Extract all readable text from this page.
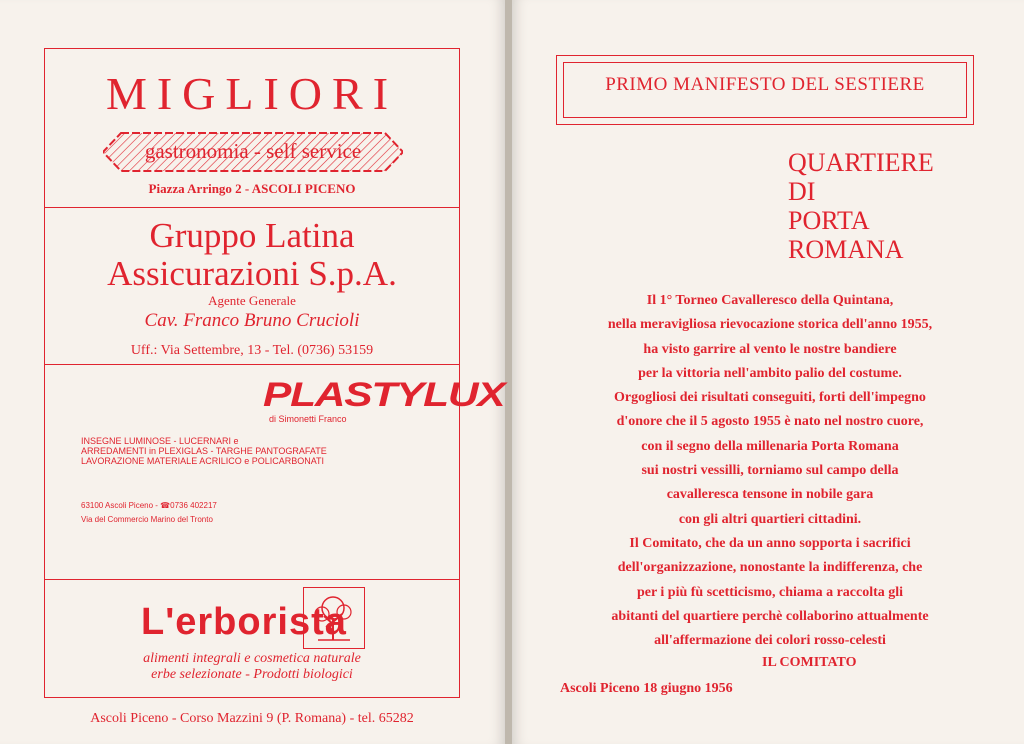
MIGLIORI
gastronomia - self service
Piazza Arringo 2 - ASCOLI PICENO
Gruppo Latina
Assicurazioni S.p.A.
Agente Generale
Cav. Franco Bruno Crucioli
Uff.: Via Settembre, 13 - Tel. (0736) 53159
PLASTYLUX
di Simonetti Franco
INSEGNE LUMINOSE - LUCERNARI e
ARREDAMENTI in PLEXIGLAS - TARGHE PANTOGRAFATE
LAVORAZIONE MATERIALE ACRILICO e POLICARBONATI
63100 Ascoli Piceno - ☎0736 402217
Via del Commercio Marino del Tronto
L'erborista
alimenti integrali e cosmetica naturale
erbe selezionate - Prodotti biologici
Ascoli Piceno - Corso Mazzini 9 (P. Romana) - tel. 65282
PRIMO MANIFESTO DEL SESTIERE
QUARTIERE
DI
PORTA
ROMANA
Il 1° Torneo Cavalleresco della Quintana,
nella meravigliosa rievocazione storica dell'anno 1955,
ha visto garrire al vento le nostre bandiere
per la vittoria nell'ambito palio del costume.
Orgogliosi dei risultati conseguiti, forti dell'impegno
d'onore che il 5 agosto 1955 è nato nel nostro cuore,
con il segno della millenaria Porta Romana
sui nostri vessilli, torniamo sul campo della
cavalleresca tensone in nobile gara
con gli altri quartieri cittadini.
Il Comitato, che da un anno sopporta i sacrifici
dell'organizzazione, nonostante la indifferenza, che
per i più fù scetticismo, chiama a raccolta gli
abitanti del quartiere perchè collaborino attualmente
all'affermazione dei colori rosso-celesti
IL COMITATO
Ascoli Piceno 18 giugno 1956
